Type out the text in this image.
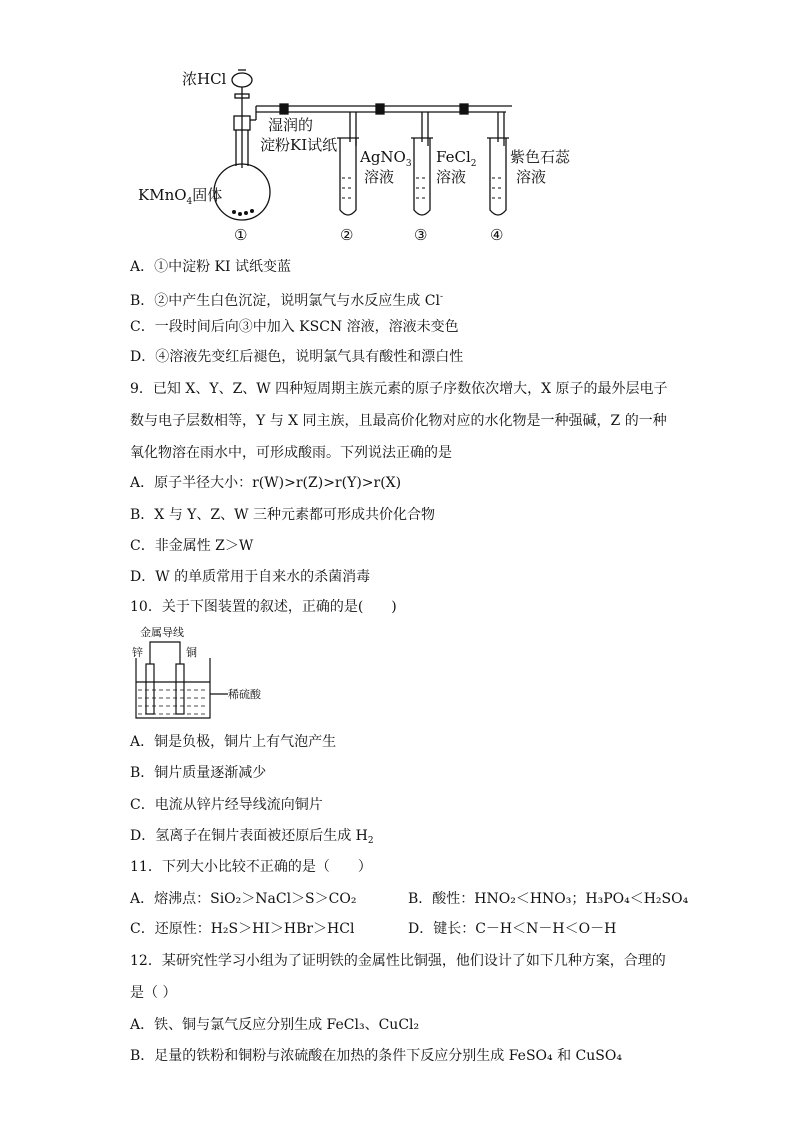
浓HCl
湿润的
淀粉KI试纸
KMnO$_4$固体
AgNO$_3$
溶液
FeCl$_2$
溶液
紫色石蕊
溶液
①	②	③	④
A．①中淀粉 KI 试纸变蓝
B．②中产生白色沉淀，说明氯气与水反应生成 Cl-
C．一段时间后向③中加入 KSCN 溶液，溶液未变色
D．④溶液先变红后褪色，说明氯气具有酸性和漂白性
9．已知 X、Y、Z、W 四种短周期主族元素的原子序数依次增大，X 原子的最外层电子
数与电子层数相等，Y 与 X 同主族，且最高价化物对应的水化物是一种强碱，Z 的一种
氧化物溶在雨水中，可形成酸雨。下列说法正确的是
A．原子半径大小：r(W)>r(Z)>r(Y)>r(X)
B．X 与 Y、Z、W 三种元素都可形成共价化合物
C．非金属性 Z＞W
D．W 的单质常用于自来水的杀菌消毒
10．关于下图装置的叙述，正确的是(　　)
金属导线
锌	铜
稀硫酸
A．铜是负极，铜片上有气泡产生
B．铜片质量逐渐减少
C．电流从锌片经导线流向铜片
D．氢离子在铜片表面被还原后生成 $H_2$
11．下列大小比较不正确的是（　　）
A．熔沸点：SiO₂＞NaCl＞S＞CO₂	B．酸性：HNO₂＜HNO₃；H₃PO₄＜H₂SO₄
C．还原性：H₂S＞HI＞HBr＞HCl	D．键长：C－H＜N－H＜O－H
12．某研究性学习小组为了证明铁的金属性比铜强，他们设计了如下几种方案，合理的
是（ ）
A．铁、铜与氯气反应分别生成 FeCl₃、CuCl₂
B．足量的铁粉和铜粉与浓硫酸在加热的条件下反应分别生成 FeSO₄ 和 CuSO₄
